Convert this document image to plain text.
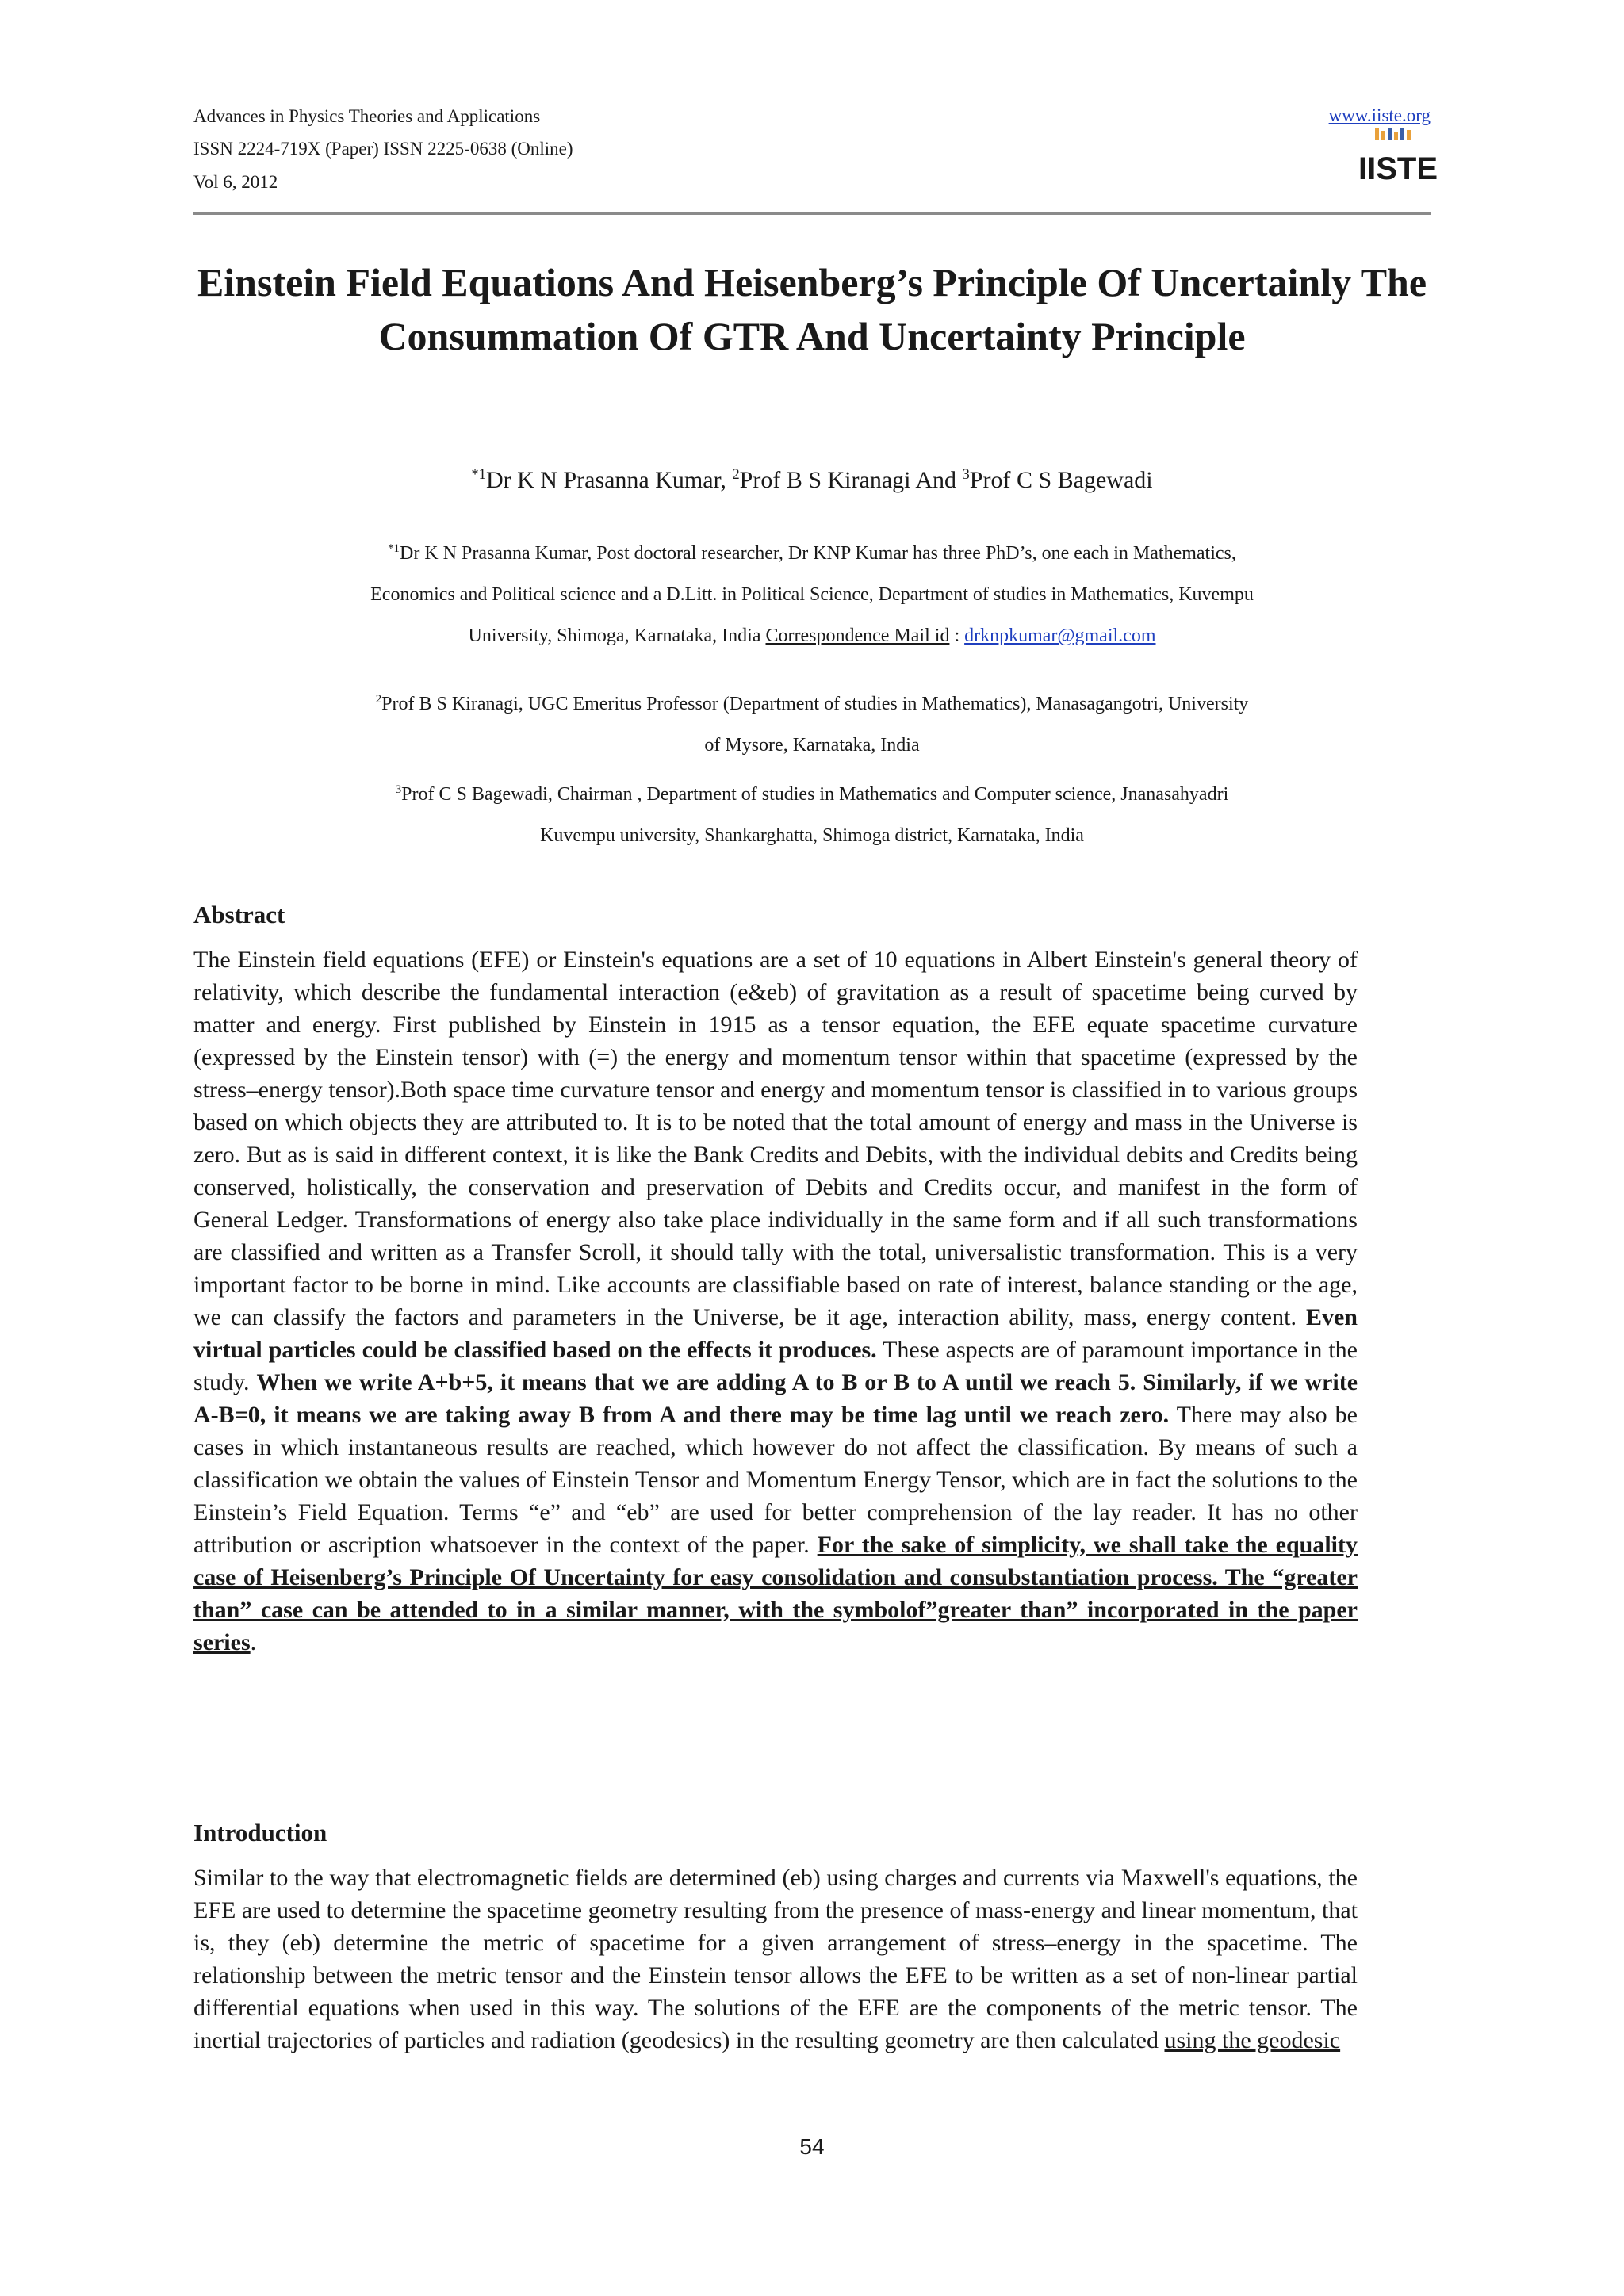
Advances in Physics Theories and Applications
ISSN 2224-719X (Paper) ISSN 2225-0638 (Online)
Vol 6, 2012
www.iiste.org
IISTE
Einstein Field Equations And Heisenberg’s Principle Of Uncertainly The Consummation Of GTR And Uncertainty Principle
$^{*1}$Dr K N Prasanna Kumar, $^2$Prof B S Kiranagi And $^3$Prof C S Bagewadi
$^{*1}$Dr K N Prasanna Kumar, Post doctoral researcher, Dr KNP Kumar has three PhD’s, one each in Mathematics,
Economics and Political science and a D.Litt. in Political Science, Department of studies in Mathematics, Kuvempu
University, Shimoga, Karnataka, India Correspondence Mail id : drknpkumar@gmail.com
$^2$Prof B S Kiranagi, UGC Emeritus Professor (Department of studies in Mathematics), Manasagangotri, University
of Mysore, Karnataka, India
$^3$Prof C S Bagewadi, Chairman , Department of studies in Mathematics and Computer science, Jnanasahyadri
Kuvempu university, Shankarghatta, Shimoga district, Karnataka, India
Abstract
The Einstein field equations (EFE) or Einstein's equations are a set of 10 equations in Albert Einstein's general theory of relativity, which describe the fundamental interaction (e&eb) of gravitation as a result of spacetime being curved by matter and energy. First published by Einstein in 1915 as a tensor equation, the EFE equate spacetime curvature (expressed by the Einstein tensor) with (=) the energy and momentum tensor within that spacetime (expressed by the stress–energy tensor).Both space time curvature tensor and energy and momentum tensor is classified in to various groups based on which objects they are attributed to. It is to be noted that the total amount of energy and mass in the Universe is zero. But as is said in different context, it is like the Bank Credits and Debits, with the individual debits and Credits being conserved, holistically, the conservation and preservation of Debits and Credits occur, and manifest in the form of General Ledger. Transformations of energy also take place individually in the same form and if all such transformations are classified and written as a Transfer Scroll, it should tally with the total, universalistic transformation. This is a very important factor to be borne in mind. Like accounts are classifiable based on rate of interest, balance standing or the age, we can classify the factors and parameters in the Universe, be it age, interaction ability, mass, energy content. Even virtual particles could be classified based on the effects it produces. These aspects are of paramount importance in the study. When we write A+b+5, it means that we are adding A to B or B to A until we reach 5. Similarly, if we write A-B=0, it means we are taking away B from A and there may be time lag until we reach zero. There may also be cases in which instantaneous results are reached, which however do not affect the classification. By means of such a classification we obtain the values of Einstein Tensor and Momentum Energy Tensor, which are in fact the solutions to the Einstein’s Field Equation. Terms “e” and “eb” are used for better comprehension of the lay reader. It has no other attribution or ascription whatsoever in the context of the paper. For the sake of simplicity, we shall take the equality case of Heisenberg’s Principle Of Uncertainty for easy consolidation and consubstantiation process. The “greater than” case can be attended to in a similar manner, with the symbolof”greater than” incorporated in the paper series.
Introduction
Similar to the way that electromagnetic fields are determined (eb) using charges and currents via Maxwell's equations, the EFE are used to determine the spacetime geometry resulting from the presence of mass-energy and linear momentum, that is, they (eb) determine the metric of spacetime for a given arrangement of stress–energy in the spacetime. The relationship between the metric tensor and the Einstein tensor allows the EFE to be written as a set of non-linear partial differential equations when used in this way. The solutions of the EFE are the components of the metric tensor. The inertial trajectories of particles and radiation (geodesics) in the resulting geometry are then calculated using the geodesic
54
